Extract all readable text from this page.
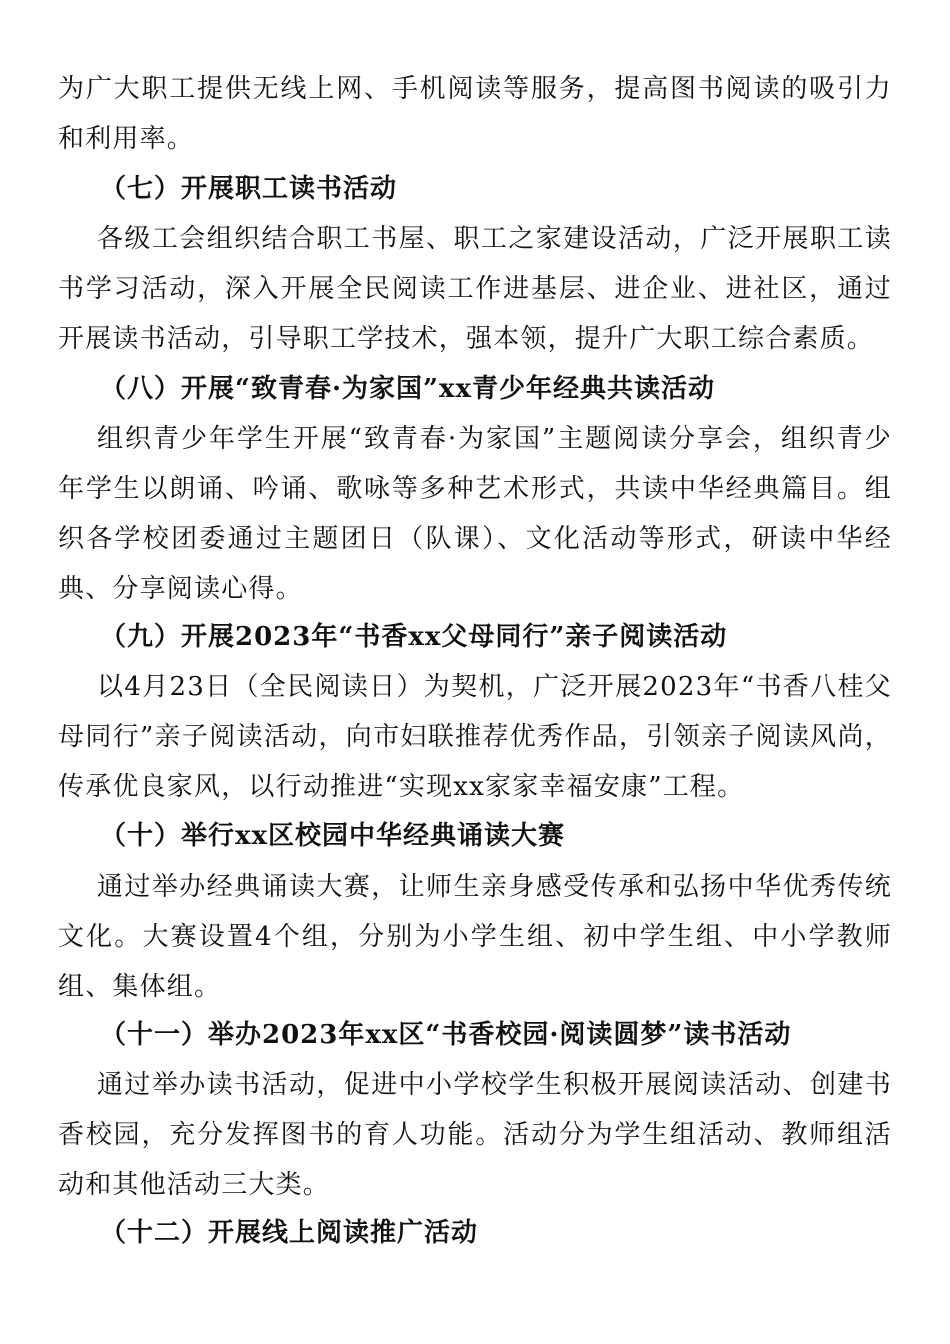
为广大职工提供无线上网、手机阅读等服务，提高图书阅读的吸引力和利用率。

（七）开展职工读书活动

各级工会组织结合职工书屋、职工之家建设活动，广泛开展职工读书学习活动，深入开展全民阅读工作进基层、进企业、进社区，通过开展读书活动，引导职工学技术，强本领，提升广大职工综合素质。

（八）开展“致青春·为家国”xx青少年经典共读活动

组织青少年学生开展“致青春·为家国”主题阅读分享会，组织青少年学生以朗诵、吟诵、歌咏等多种艺术形式，共读中华经典篇目。组织各学校团委通过主题团日（队课）、文化活动等形式，研读中华经典、分享阅读心得。

（九）开展2023年“书香xx父母同行”亲子阅读活动

以4月23日（全民阅读日）为契机，广泛开展2023年“书香八桂父母同行”亲子阅读活动，向市妇联推荐优秀作品，引领亲子阅读风尚，传承优良家风，以行动推进“实现xx家家幸福安康”工程。

（十）举行xx区校园中华经典诵读大赛

通过举办经典诵读大赛，让师生亲身感受传承和弘扬中华优秀传统文化。大赛设置4个组，分别为小学生组、初中学生组、中小学教师组、集体组。

（十一）举办2023年xx区“书香校园·阅读圆梦”读书活动

通过举办读书活动，促进中小学校学生积极开展阅读活动、创建书香校园，充分发挥图书的育人功能。活动分为学生组活动、教师组活动和其他活动三大类。

（十二）开展线上阅读推广活动
